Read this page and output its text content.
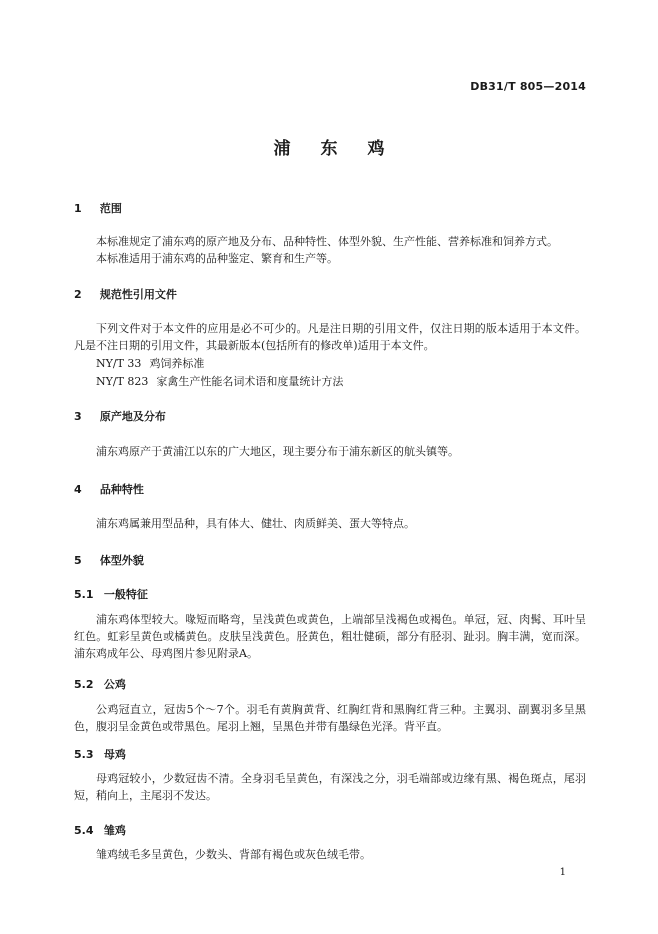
DB31/T 805—2014
浦东鸡
1 范围
本标准规定了浦东鸡的原产地及分布、品种特性、体型外貌、生产性能、营养标准和饲养方式。
本标准适用于浦东鸡的品种鉴定、繁育和生产等。
2 规范性引用文件
下列文件对于本文件的应用是必不可少的。凡是注日期的引用文件，仅注日期的版本适用于本文件。凡是不注日期的引用文件，其最新版本(包括所有的修改单)适用于本文件。
NY/T 33 鸡饲养标准
NY/T 823 家禽生产性能名词术语和度量统计方法
3 原产地及分布
浦东鸡原产于黄浦江以东的广大地区，现主要分布于浦东新区的航头镇等。
4 品种特性
浦东鸡属兼用型品种，具有体大、健壮、肉质鲜美、蛋大等特点。
5 体型外貌
5.1 一般特征
浦东鸡体型较大。喙短而略弯，呈浅黄色或黄色，上端部呈浅褐色或褐色。单冠，冠、肉髯、耳叶呈红色。虹彩呈黄色或橘黄色。皮肤呈浅黄色。胫黄色，粗壮健硕，部分有胫羽、趾羽。胸丰满，宽而深。浦东鸡成年公、母鸡图片参见附录A。
5.2 公鸡
公鸡冠直立，冠齿5个～7个。羽毛有黄胸黄背、红胸红背和黑胸红背三种。主翼羽、副翼羽多呈黑色，腹羽呈金黄色或带黑色。尾羽上翘，呈黑色并带有墨绿色光泽。背平直。
5.3 母鸡
母鸡冠较小，少数冠齿不清。全身羽毛呈黄色，有深浅之分，羽毛端部或边缘有黑、褐色斑点，尾羽短，稍向上，主尾羽不发达。
5.4 雏鸡
雏鸡绒毛多呈黄色，少数头、背部有褐色或灰色绒毛带。
1
